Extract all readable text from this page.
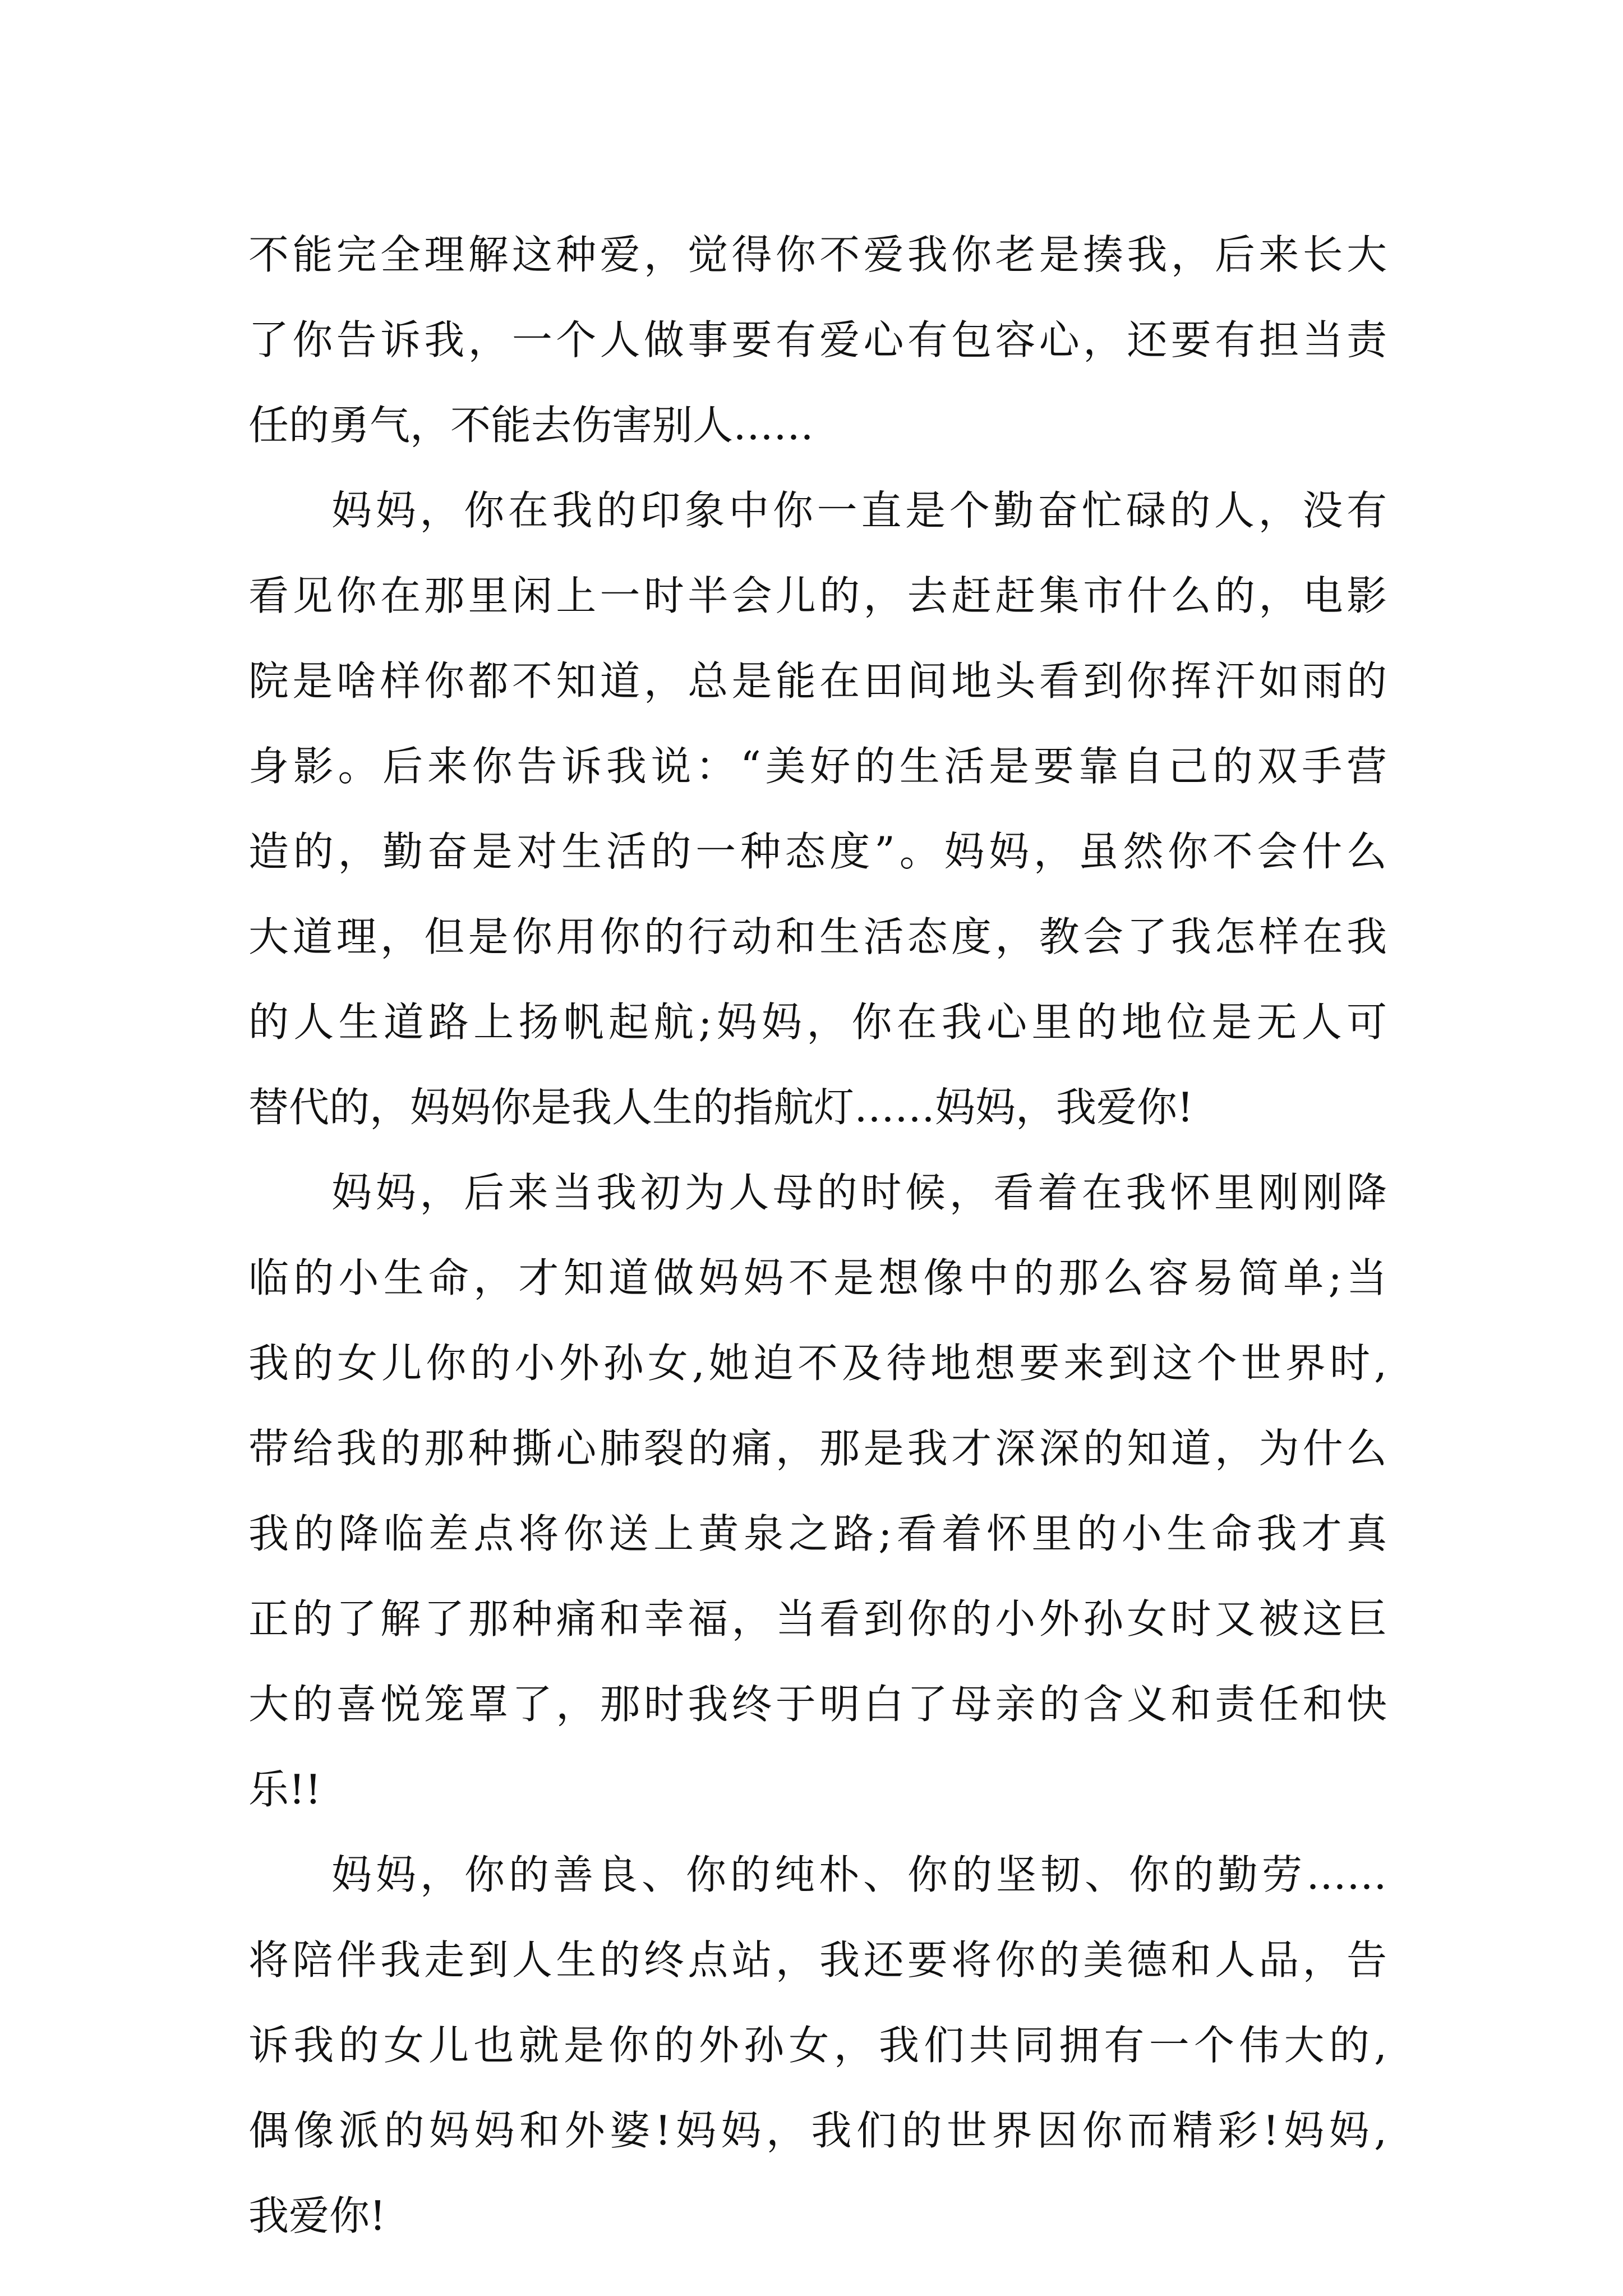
不能完全理解这种爱，觉得你不爱我你老是揍我，后来长大
了你告诉我，一个人做事要有爱心有包容心，还要有担当责
任的勇气，不能去伤害别人……
妈妈，你在我的印象中你一直是个勤奋忙碌的人，没有
看见你在那里闲上一时半会儿的，去赶赶集市什么的，电影
院是啥样你都不知道，总是能在田间地头看到你挥汗如雨的
身影。后来你告诉我说：“美好的生活是要靠自己的双手营
造的，勤奋是对生活的一种态度”。妈妈，虽然你不会什么
大道理，但是你用你的行动和生活态度，教会了我怎样在我
的人生道路上扬帆起航;妈妈，你在我心里的地位是无人可
替代的，妈妈你是我人生的指航灯……妈妈，我爱你!
妈妈，后来当我初为人母的时候，看着在我怀里刚刚降
临的小生命，才知道做妈妈不是想像中的那么容易简单;当
我的女儿你的小外孙女,她迫不及待地想要来到这个世界时,
带给我的那种撕心肺裂的痛，那是我才深深的知道，为什么
我的降临差点将你送上黄泉之路;看着怀里的小生命我才真
正的了解了那种痛和幸福，当看到你的小外孙女时又被这巨
大的喜悦笼罩了，那时我终于明白了母亲的含义和责任和快
乐!!
妈妈，你的善良、你的纯朴、你的坚韧、你的勤劳……
将陪伴我走到人生的终点站，我还要将你的美德和人品，告
诉我的女儿也就是你的外孙女，我们共同拥有一个伟大的,
偶像派的妈妈和外婆!妈妈，我们的世界因你而精彩!妈妈,
我爱你!
